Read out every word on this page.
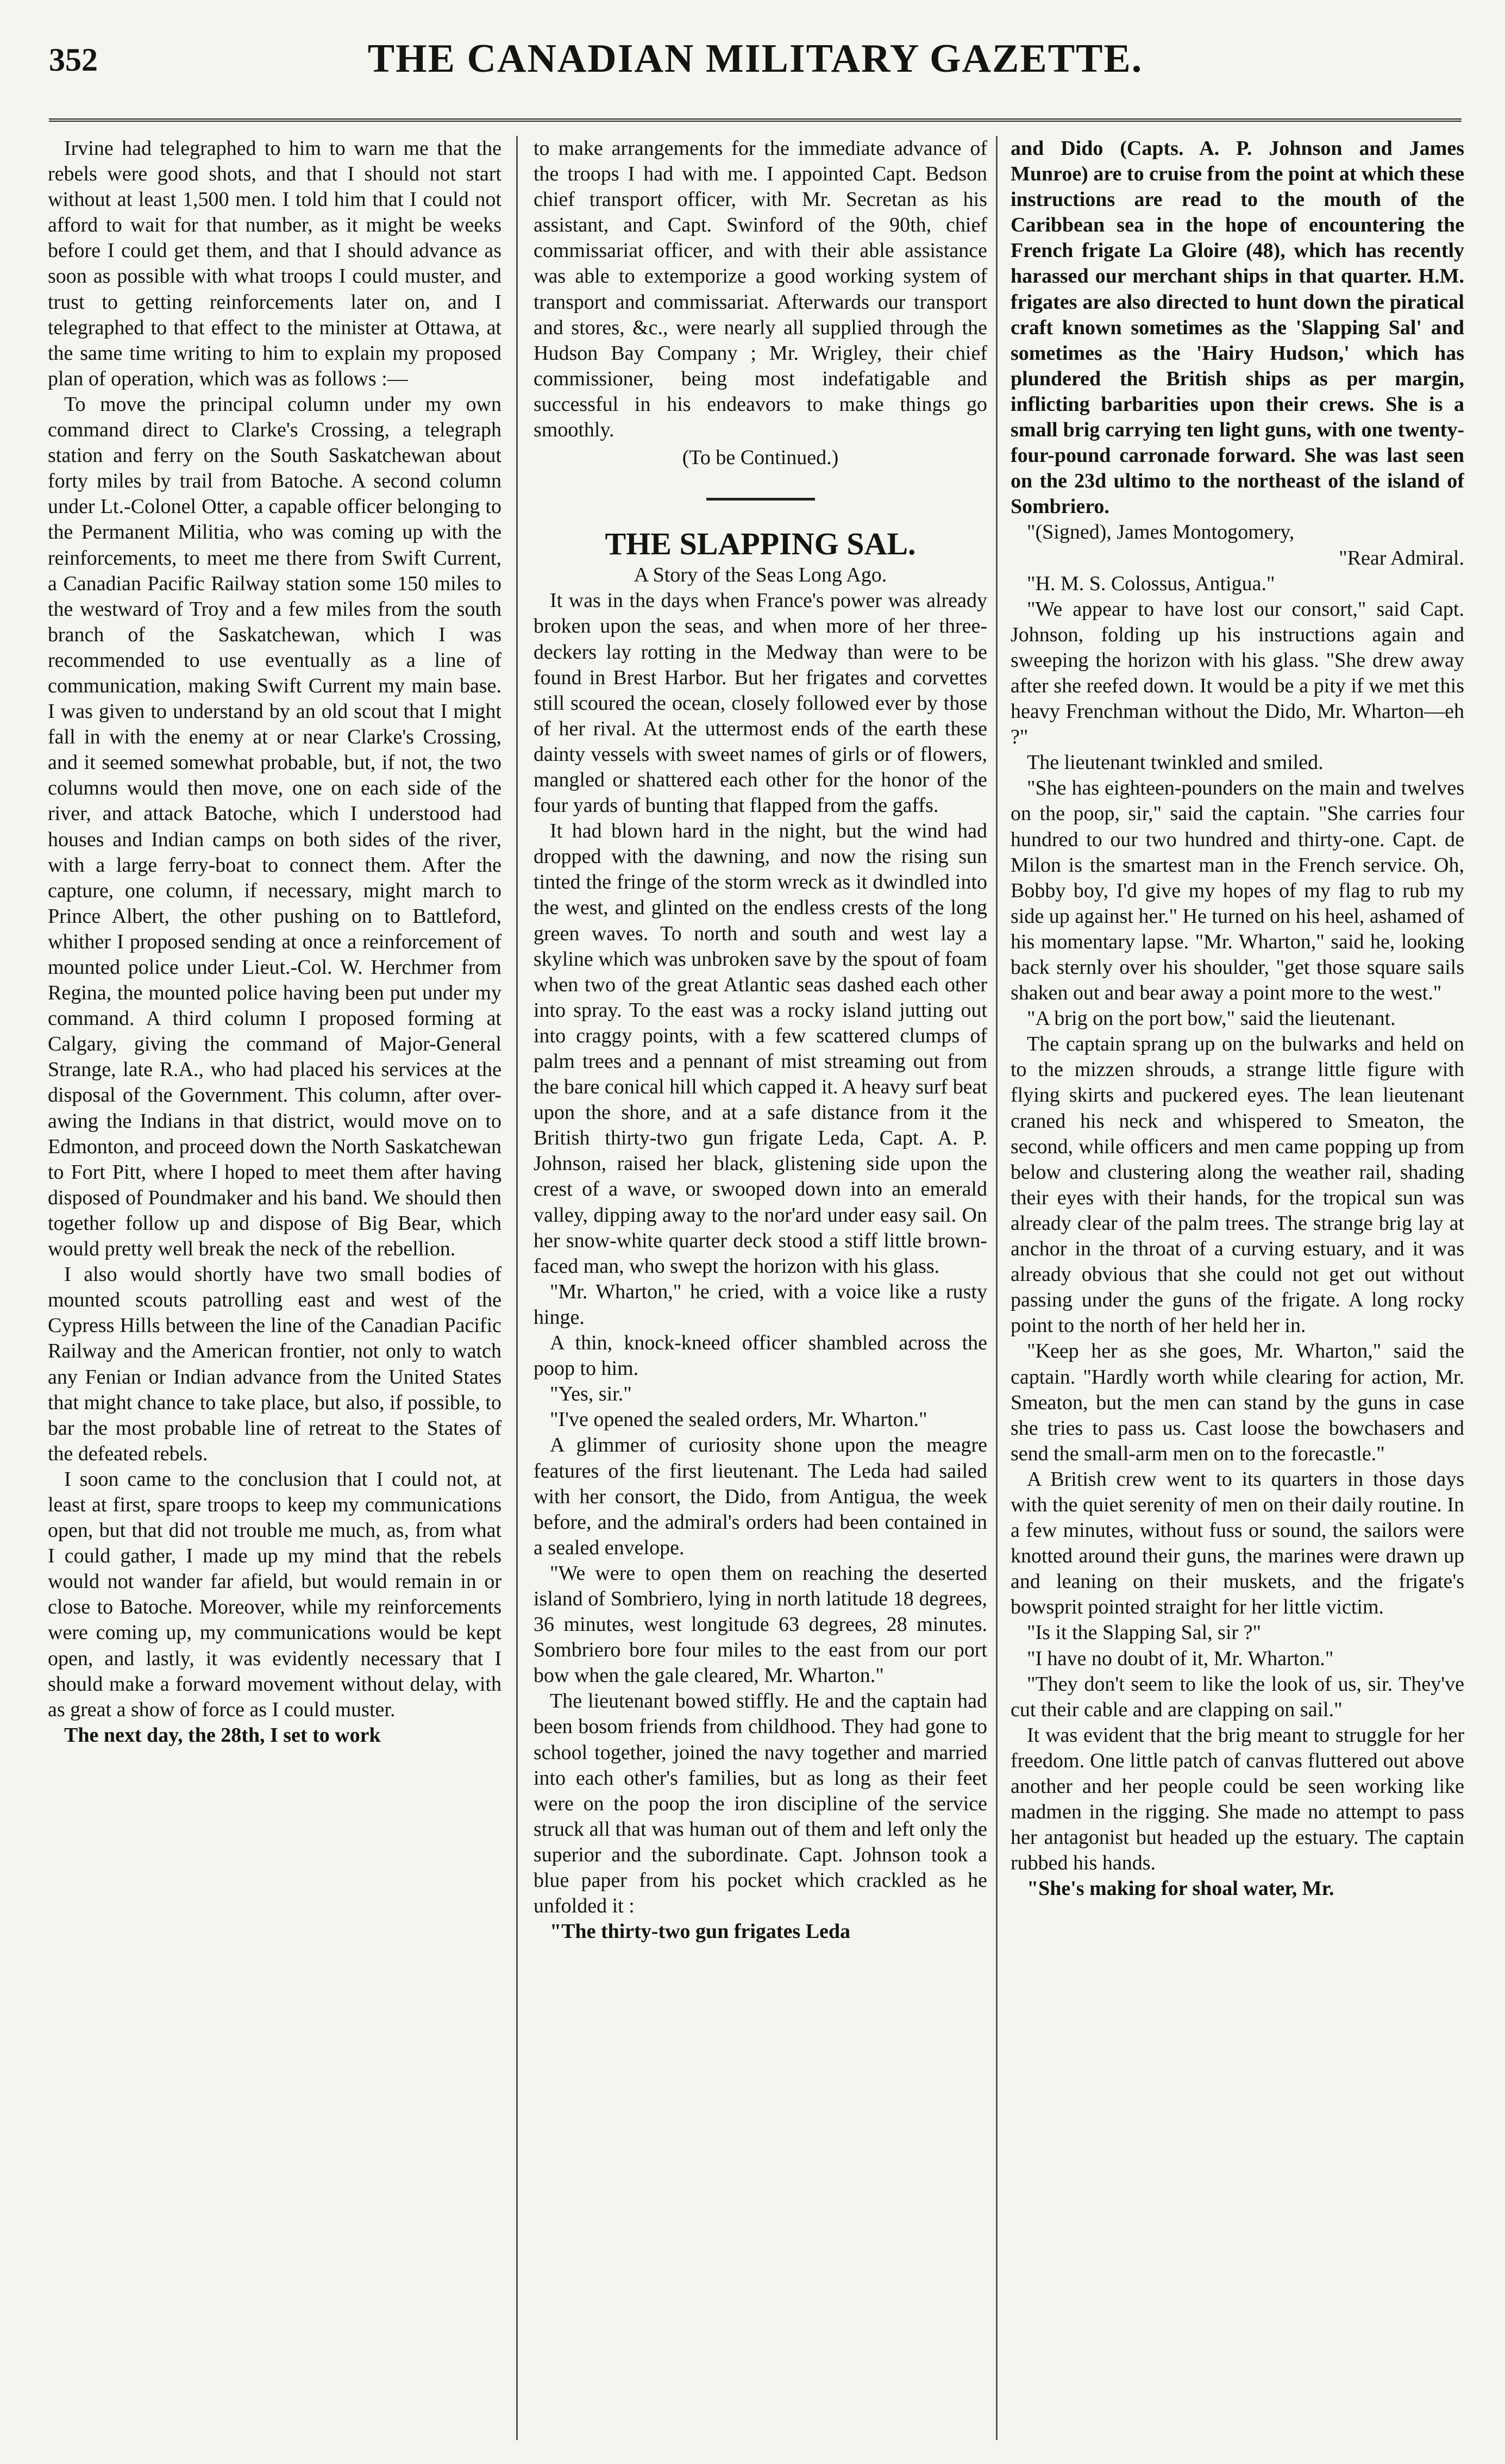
352	THE CANADIAN MILITARY GAZETTE.

Irvine had telegraphed to him to warn me that the rebels were good shots, and that I should not start without at least 1,500 men. I told him that I could not afford to wait for that number, as it might be weeks before I could get them, and that I should advance as soon as possible with what troops I could muster, and trust to getting reinforcements later on, and I telegraphed to that effect to the minister at Ottawa, at the same time writing to him to explain my proposed plan of operation, which was as follows :—

To move the principal column under my own command direct to Clarke's Crossing, a telegraph station and ferry on the South Saskatchewan about forty miles by trail from Batoche. A second column under Lt.-Colonel Otter, a capable officer belonging to the Permanent Militia, who was coming up with the reinforcements, to meet me there from Swift Current, a Canadian Pacific Railway station some 150 miles to the westward of Troy and a few miles from the south branch of the Saskatchewan, which I was recommended to use eventually as a line of communication, making Swift Current my main base. I was given to understand by an old scout that I might fall in with the enemy at or near Clarke's Crossing, and it seemed somewhat probable, but, if not, the two columns would then move, one on each side of the river, and attack Batoche, which I understood had houses and Indian camps on both sides of the river, with a large ferry-boat to connect them. After the capture, one column, if necessary, might march to Prince Albert, the other pushing on to Battleford, whither I proposed sending at once a reinforcement of mounted police under Lieut.-Col. W. Herchmer from Regina, the mounted police having been put under my command. A third column I proposed forming at Calgary, giving the command of Major-General Strange, late R.A., who had placed his services at the disposal of the Government. This column, after over-awing the Indians in that district, would move on to Edmonton, and proceed down the North Saskatchewan to Fort Pitt, where I hoped to meet them after having disposed of Poundmaker and his band. We should then together follow up and dispose of Big Bear, which would pretty well break the neck of the rebellion.

I also would shortly have two small bodies of mounted scouts patrolling east and west of the Cypress Hills between the line of the Canadian Pacific Railway and the American frontier, not only to watch any Fenian or Indian advance from the United States that might chance to take place, but also, if possible, to bar the most probable line of retreat to the States of the defeated rebels.

I soon came to the conclusion that I could not, at least at first, spare troops to keep my communications open, but that did not trouble me much, as, from what I could gather, I made up my mind that the rebels would not wander far afield, but would remain in or close to Batoche. Moreover, while my reinforcements were coming up, my communications would be kept open, and lastly, it was evidently necessary that I should make a forward movement without delay, with as great a show of force as I could muster.

The next day, the 28th, I set to work

to make arrangements for the immediate advance of the troops I had with me. I appointed Capt. Bedson chief transport officer, with Mr. Secretan as his assistant, and Capt. Swinford of the 90th, chief commissariat officer, and with their able assistance was able to extemporize a good working system of transport and commissariat. Afterwards our transport and stores, &c., were nearly all supplied through the Hudson Bay Company ; Mr. Wrigley, their chief commissioner, being most indefatigable and successful in his endeavors to make things go smoothly.

(To be Continued.)

THE SLAPPING SAL.

A Story of the Seas Long Ago.

It was in the days when France's power was already broken upon the seas, and when more of her three-deckers lay rotting in the Medway than were to be found in Brest Harbor. But her frigates and corvettes still scoured the ocean, closely followed ever by those of her rival. At the uttermost ends of the earth these dainty vessels with sweet names of girls or of flowers, mangled or shattered each other for the honor of the four yards of bunting that flapped from the gaffs.

It had blown hard in the night, but the wind had dropped with the dawning, and now the rising sun tinted the fringe of the storm wreck as it dwindled into the west, and glinted on the endless crests of the long green waves. To north and south and west lay a skyline which was unbroken save by the spout of foam when two of the great Atlantic seas dashed each other into spray. To the east was a rocky island jutting out into craggy points, with a few scattered clumps of palm trees and a pennant of mist streaming out from the bare conical hill which capped it. A heavy surf beat upon the shore, and at a safe distance from it the British thirty-two gun frigate Leda, Capt. A. P. Johnson, raised her black, glistening side upon the crest of a wave, or swooped down into an emerald valley, dipping away to the nor'ard under easy sail. On her snow-white quarter deck stood a stiff little brown-faced man, who swept the horizon with his glass.

"Mr. Wharton," he cried, with a voice like a rusty hinge.

A thin, knock-kneed officer shambled across the poop to him.

"Yes, sir."

"I've opened the sealed orders, Mr. Wharton."

A glimmer of curiosity shone upon the meagre features of the first lieutenant. The Leda had sailed with her consort, the Dido, from Antigua, the week before, and the admiral's orders had been contained in a sealed envelope.

"We were to open them on reaching the deserted island of Sombriero, lying in north latitude 18 degrees, 36 minutes, west longitude 63 degrees, 28 minutes. Sombriero bore four miles to the east from our port bow when the gale cleared, Mr. Wharton."

The lieutenant bowed stiffly. He and the captain had been bosom friends from childhood. They had gone to school together, joined the navy together and married into each other's families, but as long as their feet were on the poop the iron discipline of the service struck all that was human out of them and left only the superior and the subordinate. Capt. Johnson took a blue paper from his pocket which crackled as he unfolded it :

"The thirty-two gun frigates Leda

and Dido (Capts. A. P. Johnson and James Munroe) are to cruise from the point at which these instructions are read to the mouth of the Caribbean sea in the hope of encountering the French frigate La Gloire (48), which has recently harassed our merchant ships in that quarter. H.M. frigates are also directed to hunt down the piratical craft known sometimes as the 'Slapping Sal' and sometimes as the 'Hairy Hudson,' which has plundered the British ships as per margin, inflicting barbarities upon their crews. She is a small brig carrying ten light guns, with one twenty-four-pound carronade forward. She was last seen on the 23d ultimo to the northeast of the island of Sombriero.

"(Signed), James Montogomery,

"Rear Admiral.

"H. M. S. Colossus, Antigua."

"We appear to have lost our consort," said Capt. Johnson, folding up his instructions again and sweeping the horizon with his glass. "She drew away after she reefed down. It would be a pity if we met this heavy Frenchman without the Dido, Mr. Wharton—eh ?"

The lieutenant twinkled and smiled.

"She has eighteen-pounders on the main and twelves on the poop, sir," said the captain. "She carries four hundred to our two hundred and thirty-one. Capt. de Milon is the smartest man in the French service. Oh, Bobby boy, I'd give my hopes of my flag to rub my side up against her." He turned on his heel, ashamed of his momentary lapse. "Mr. Wharton," said he, looking back sternly over his shoulder, "get those square sails shaken out and bear away a point more to the west."

"A brig on the port bow," said the lieutenant.

The captain sprang up on the bulwarks and held on to the mizzen shrouds, a strange little figure with flying skirts and puckered eyes. The lean lieutenant craned his neck and whispered to Smeaton, the second, while officers and men came popping up from below and clustering along the weather rail, shading their eyes with their hands, for the tropical sun was already clear of the palm trees. The strange brig lay at anchor in the throat of a curving estuary, and it was already obvious that she could not get out without passing under the guns of the frigate. A long rocky point to the north of her held her in.

"Keep her as she goes, Mr. Wharton," said the captain. "Hardly worth while clearing for action, Mr. Smeaton, but the men can stand by the guns in case she tries to pass us. Cast loose the bowchasers and send the small-arm men on to the forecastle."

A British crew went to its quarters in those days with the quiet serenity of men on their daily routine. In a few minutes, without fuss or sound, the sailors were knotted around their guns, the marines were drawn up and leaning on their muskets, and the frigate's bowsprit pointed straight for her little victim.

"Is it the Slapping Sal, sir ?"

"I have no doubt of it, Mr. Wharton."

"They don't seem to like the look of us, sir. They've cut their cable and are clapping on sail."

It was evident that the brig meant to struggle for her freedom. One little patch of canvas fluttered out above another and her people could be seen working like madmen in the rigging. She made no attempt to pass her antagonist but headed up the estuary. The captain rubbed his hands.

"She's making for shoal water, Mr.
